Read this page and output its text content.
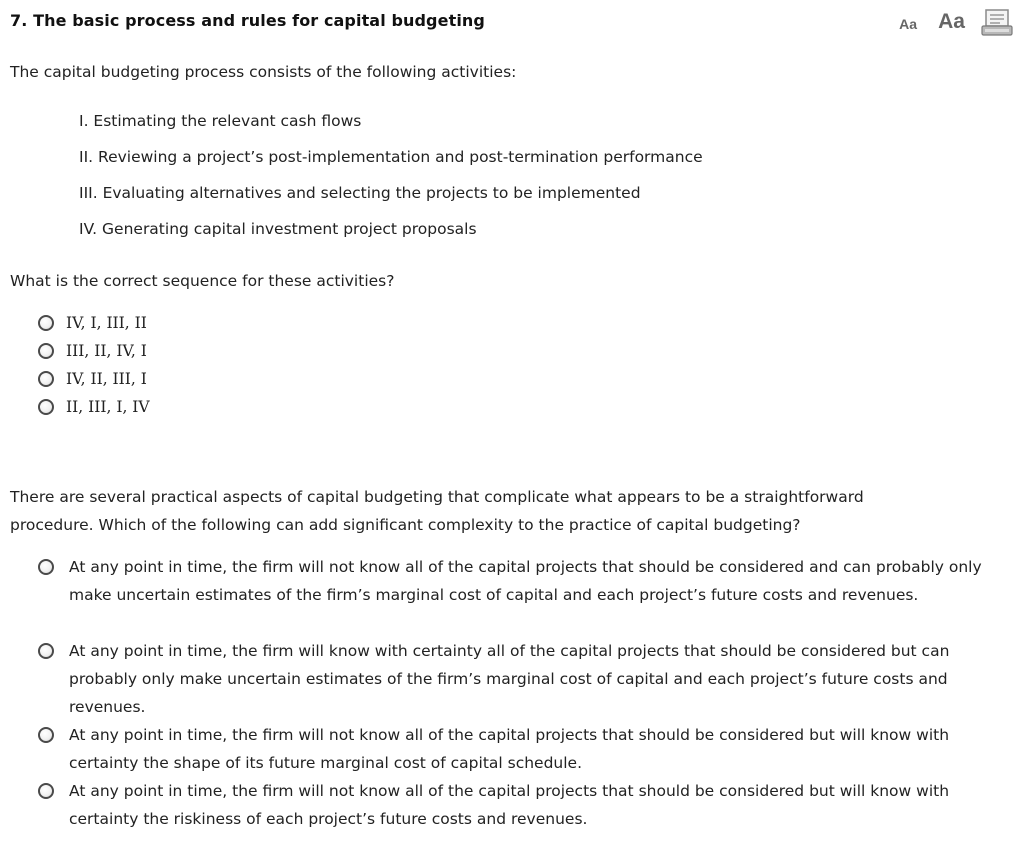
7. The basic process and rules for capital budgeting	Aa Aa
The capital budgeting process consists of the following activities:
I. Estimating the relevant cash flows
II. Reviewing a project’s post-implementation and post-termination performance
III. Evaluating alternatives and selecting the projects to be implemented
IV. Generating capital investment project proposals
What is the correct sequence for these activities?
IV, I, III, II
III, II, IV, I
IV, II, III, I
II, III, I, IV
There are several practical aspects of capital budgeting that complicate what appears to be a straightforward procedure. Which of the following can add significant complexity to the practice of capital budgeting?
At any point in time, the firm will not know all of the capital projects that should be considered and can probably only make uncertain estimates of the firm’s marginal cost of capital and each project’s future costs and revenues.
At any point in time, the firm will know with certainty all of the capital projects that should be considered but can probably only make uncertain estimates of the firm’s marginal cost of capital and each project’s future costs and revenues.
At any point in time, the firm will not know all of the capital projects that should be considered but will know with certainty the shape of its future marginal cost of capital schedule.
At any point in time, the firm will not know all of the capital projects that should be considered but will know with certainty the riskiness of each project’s future costs and revenues.
